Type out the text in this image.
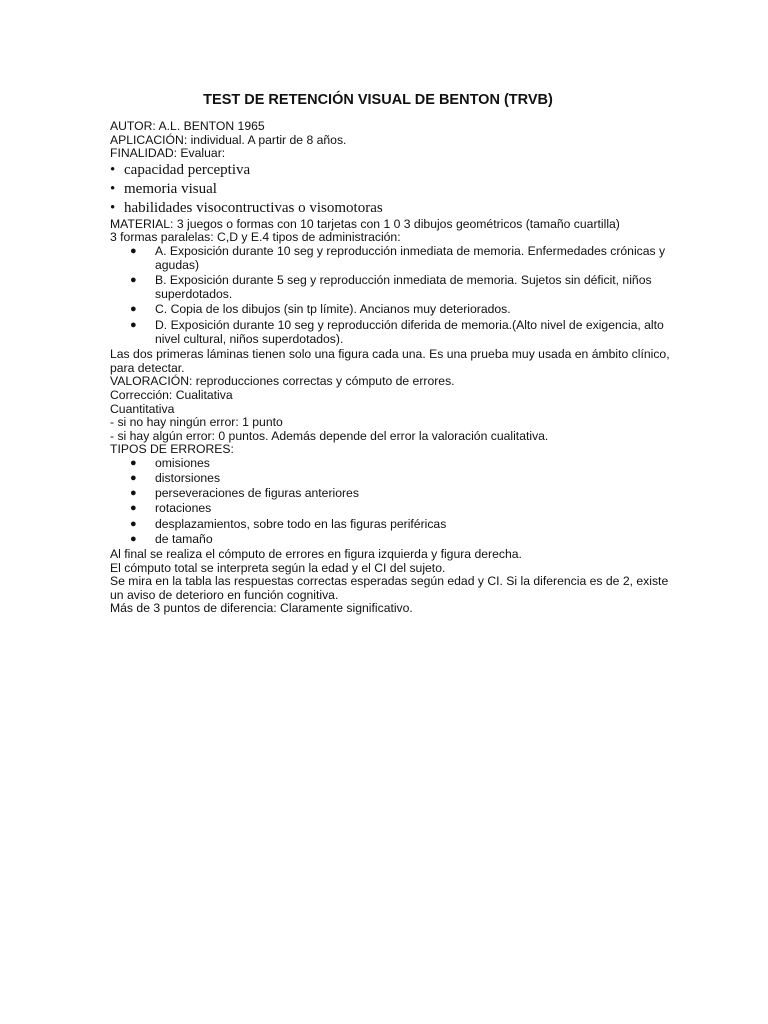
TEST DE RETENCIÓN VISUAL DE BENTON (TRVB)

AUTOR: A.L. BENTON 1965

APLICACIÓN: individual. A partir de 8 años.

FINALIDAD: Evaluar:

• capacidad perceptiva
• memoria visual
• habilidades visocontructivas o visomotoras

MATERIAL: 3 juegos o formas con 10 tarjetas con 1 0 3 dibujos geométricos (tamaño cuartilla)

3 formas paralelas: C,D y E.4 tipos de administración:

● A. Exposición durante 10 seg y reproducción inmediata de memoria. Enfermedades crónicas y agudas)
● B. Exposición durante 5 seg y reproducción inmediata de memoria. Sujetos sin déficit, niños superdotados.
● C. Copia de los dibujos (sin tp límite). Ancianos muy deteriorados.
● D. Exposición durante 10 seg y reproducción diferida de memoria.(Alto nivel de exigencia, alto nivel cultural, niños superdotados).

Las dos primeras láminas tienen solo una figura cada una. Es una prueba muy usada en ámbito clínico, para detectar.

VALORACIÓN: reproducciones correctas y cómputo de errores.

Corrección: Cualitativa

Cuantitativa

- si no hay ningún error: 1 punto

- si hay algún error: 0 puntos. Además depende del error la valoración cualitativa.

TIPOS DE ERRORES:

● omisiones
● distorsiones
● perseveraciones de figuras anteriores
● rotaciones
● desplazamientos, sobre todo en las figuras periféricas
● de tamaño

Al final se realiza el cómputo de errores en figura izquierda y figura derecha.

El cómputo total se interpreta según la edad y el CI del sujeto.

Se mira en la tabla las respuestas correctas esperadas según edad y CI. Si la diferencia es de 2, existe un aviso de deterioro en función cognitiva.

Más de 3 puntos de diferencia: Claramente significativo.
